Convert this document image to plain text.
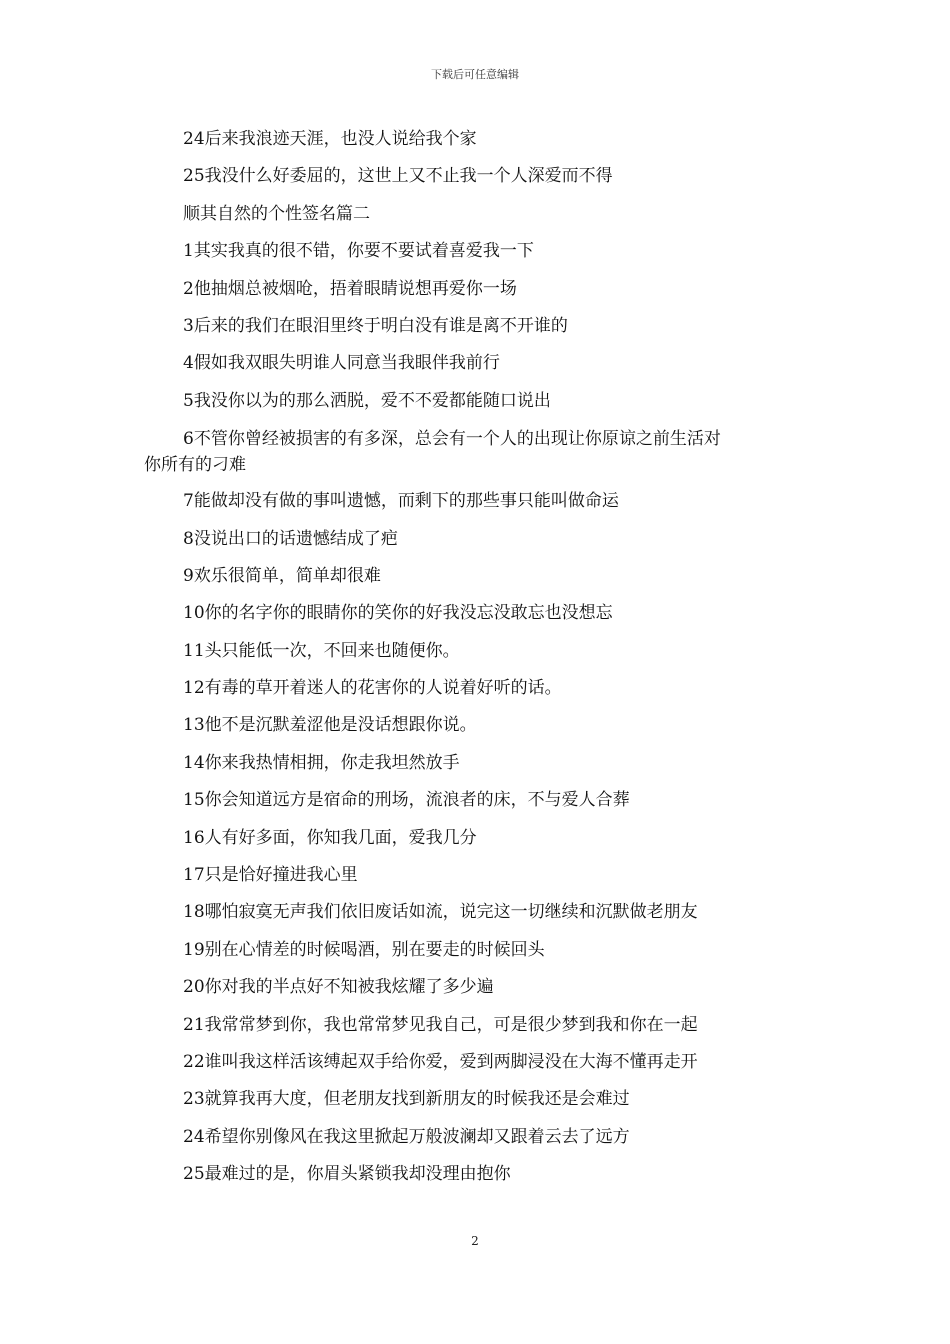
下载后可任意编辑
24后来我浪迹天涯，也没人说给我个家
25我没什么好委屈的，这世上又不止我一个人深爱而不得
顺其自然的个性签名篇二
1其实我真的很不错，你要不要试着喜爱我一下
2他抽烟总被烟呛，捂着眼睛说想再爱你一场
3后来的我们在眼泪里终于明白没有谁是离不开谁的
4假如我双眼失明谁人同意当我眼伴我前行
5我没你以为的那么洒脱，爱不不爱都能随口说出
6不管你曾经被损害的有多深，总会有一个人的出现让你原谅之前生活对
你所有的刁难
7能做却没有做的事叫遗憾，而剩下的那些事只能叫做命运
8没说出口的话遗憾结成了疤
9欢乐很简单，简单却很难
10你的名字你的眼睛你的笑你的好我没忘没敢忘也没想忘
11头只能低一次，不回来也随便你。
12有毒的草开着迷人的花害你的人说着好听的话。
13他不是沉默羞涩他是没话想跟你说。
14你来我热情相拥，你走我坦然放手
15你会知道远方是宿命的刑场，流浪者的床，不与爱人合葬
16人有好多面，你知我几面，爱我几分
17只是恰好撞进我心里
18哪怕寂寞无声我们依旧废话如流，说完这一切继续和沉默做老朋友
19别在心情差的时候喝酒，别在要走的时候回头
20你对我的半点好不知被我炫耀了多少遍
21我常常梦到你，我也常常梦见我自己，可是很少梦到我和你在一起
22谁叫我这样活该缚起双手给你爱，爱到两脚浸没在大海不懂再走开
23就算我再大度，但老朋友找到新朋友的时候我还是会难过
24希望你别像风在我这里掀起万般波澜却又跟着云去了远方
25最难过的是，你眉头紧锁我却没理由抱你
2
